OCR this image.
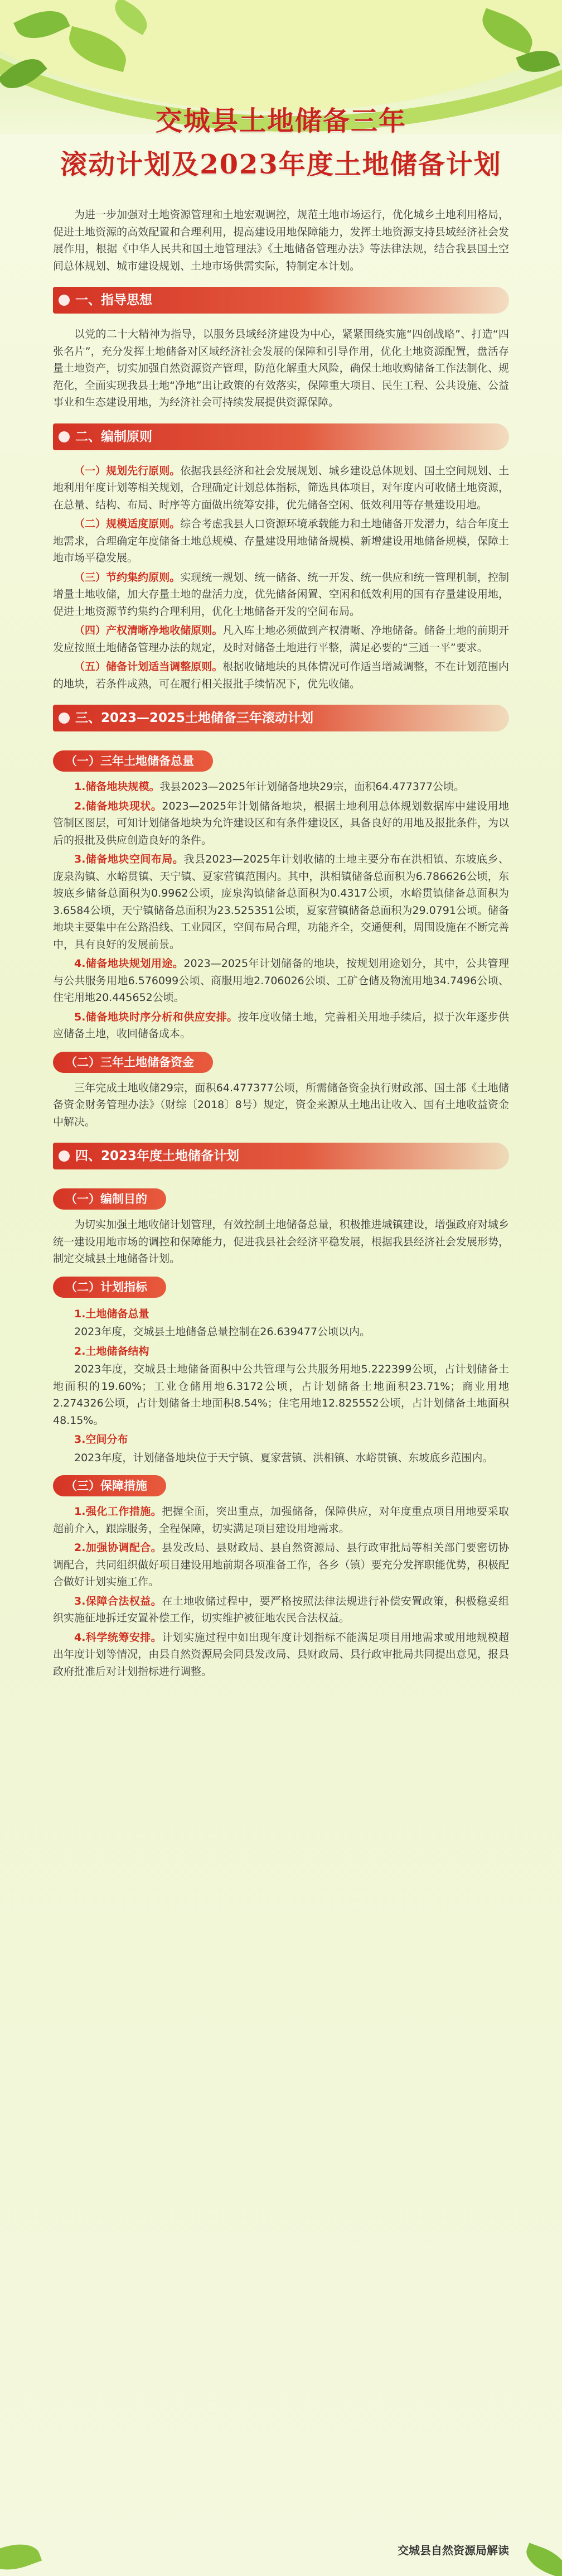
交城县土地储备三年
滚动计划及2023年度土地储备计划

为进一步加强对土地资源管理和土地宏观调控，规范土地市场运行，优化城乡土地利用格局，促进土地资源的高效配置和合理利用，提高建设用地保障能力，发挥土地资源支持县域经济社会发展作用，根据《中华人民共和国土地管理法》《土地储备管理办法》等法律法规，结合我县国土空间总体规划、城市建设规划、土地市场供需实际，特制定本计划。

一、指导思想

以党的二十大精神为指导，以服务县域经济建设为中心，紧紧围绕实施“四创战略”、打造“四张名片”，充分发挥土地储备对区域经济社会发展的保障和引导作用，优化土地资源配置，盘活存量土地资产，切实加强自然资源资产管理，防范化解重大风险，确保土地收购储备工作法制化、规范化，全面实现我县土地“净地”出让政策的有效落实，保障重大项目、民生工程、公共设施、公益事业和生态建设用地，为经济社会可持续发展提供资源保障。

二、编制原则

（一）规划先行原则。依据我县经济和社会发展规划、城乡建设总体规划、国土空间规划、土地利用年度计划等相关规划，合理确定计划总体指标，筛选具体项目，对年度内可收储土地资源，在总量、结构、布局、时序等方面做出统筹安排，优先储备空闲、低效利用等存量建设用地。

（二）规模适度原则。综合考虑我县人口资源环境承载能力和土地储备开发潜力，结合年度土地需求，合理确定年度储备土地总规模、存量建设用地储备规模、新增建设用地储备规模，保障土地市场平稳发展。

（三）节约集约原则。实现统一规划、统一储备、统一开发、统一供应和统一管理机制，控制增量土地收储，加大存量土地的盘活力度，优先储备闲置、空闲和低效利用的国有存量建设用地，促进土地资源节约集约合理利用，优化土地储备开发的空间布局。

（四）产权清晰净地收储原则。凡入库土地必须做到产权清晰、净地储备。储备土地的前期开发应按照土地储备管理办法的规定，及时对储备土地进行平整，满足必要的“三通一平”要求。

（五）储备计划适当调整原则。根据收储地块的具体情况可作适当增减调整，不在计划范围内的地块，若条件成熟，可在履行相关报批手续情况下，优先收储。

三、2023—2025土地储备三年滚动计划
（一）三年土地储备总量

1.储备地块规模。我县2023—2025年计划储备地块29宗，面积64.477377公顷。

2.储备地块现状。2023—2025年计划储备地块，根据土地利用总体规划数据库中建设用地管制区图层，可知计划储备地块为允许建设区和有条件建设区，具备良好的用地及报批条件，为以后的报批及供应创造良好的条件。

3.储备地块空间布局。我县2023—2025年计划收储的土地主要分布在洪相镇、东坡底乡、庞泉沟镇、水峪贯镇、天宁镇、夏家营镇范围内。其中，洪相镇储备总面积为6.786626公顷，东坡底乡储备总面积为0.9962公顷，庞泉沟镇储备总面积为0.4317公顷，水峪贯镇储备总面积为3.6584公顷，天宁镇储备总面积为23.525351公顷，夏家营镇储备总面积为29.0791公顷。储备地块主要集中在公路沿线、工业园区，空间布局合理，功能齐全，交通便利，周围设施在不断完善中，具有良好的发展前景。

4.储备地块规划用途。2023—2025年计划储备的地块，按规划用途划分，其中，公共管理与公共服务用地6.576099公顷、商服用地2.706026公顷、工矿仓储及物流用地34.7496公顷、住宅用地20.445652公顷。

5.储备地块时序分析和供应安排。按年度收储土地，完善相关用地手续后，拟于次年逐步供应储备土地，收回储备成本。

（二）三年土地储备资金

三年完成土地收储29宗，面积64.477377公顷，所需储备资金执行财政部、国土部《土地储备资金财务管理办法》（财综〔2018〕8号）规定，资金来源从土地出让收入、国有土地收益资金中解决。

四、2023年度土地储备计划
（一）编制目的

为切实加强土地收储计划管理，有效控制土地储备总量，积极推进城镇建设，增强政府对城乡统一建设用地市场的调控和保障能力，促进我县社会经济平稳发展，根据我县经济社会发展形势，制定交城县土地储备计划。

（二）计划指标

1.土地储备总量

2023年度，交城县土地储备总量控制在26.639477公顷以内。

2.土地储备结构

2023年度，交城县土地储备面积中公共管理与公共服务用地5.222399公顷，占计划储备土地面积的19.60%；工业仓储用地6.3172公顷，占计划储备土地面积23.71%；商业用地2.274326公顷，占计划储备土地面积8.54%；住宅用地12.825552公顷，占计划储备土地面积48.15%。

3.空间分布

2023年度，计划储备地块位于天宁镇、夏家营镇、洪相镇、水峪贯镇、东坡底乡范围内。

（三）保障措施

1.强化工作措施。把握全面，突出重点，加强储备，保障供应，对年度重点项目用地要采取超前介入，跟踪服务，全程保障，切实满足项目建设用地需求。

2.加强协调配合。县发改局、县财政局、县自然资源局、县行政审批局等相关部门要密切协调配合，共同组织做好项目建设用地前期各项准备工作，各乡（镇）要充分发挥职能优势，积极配合做好计划实施工作。

3.保障合法权益。在土地收储过程中，要严格按照法律法规进行补偿安置政策，积极稳妥组织实施征地拆迁安置补偿工作，切实维护被征地农民合法权益。

4.科学统筹安排。计划实施过程中如出现年度计划指标不能满足项目用地需求或用地规模超出年度计划等情况，由县自然资源局会同县发改局、县财政局、县行政审批局共同提出意见，报县政府批准后对计划指标进行调整。

交城县自然资源局解读
